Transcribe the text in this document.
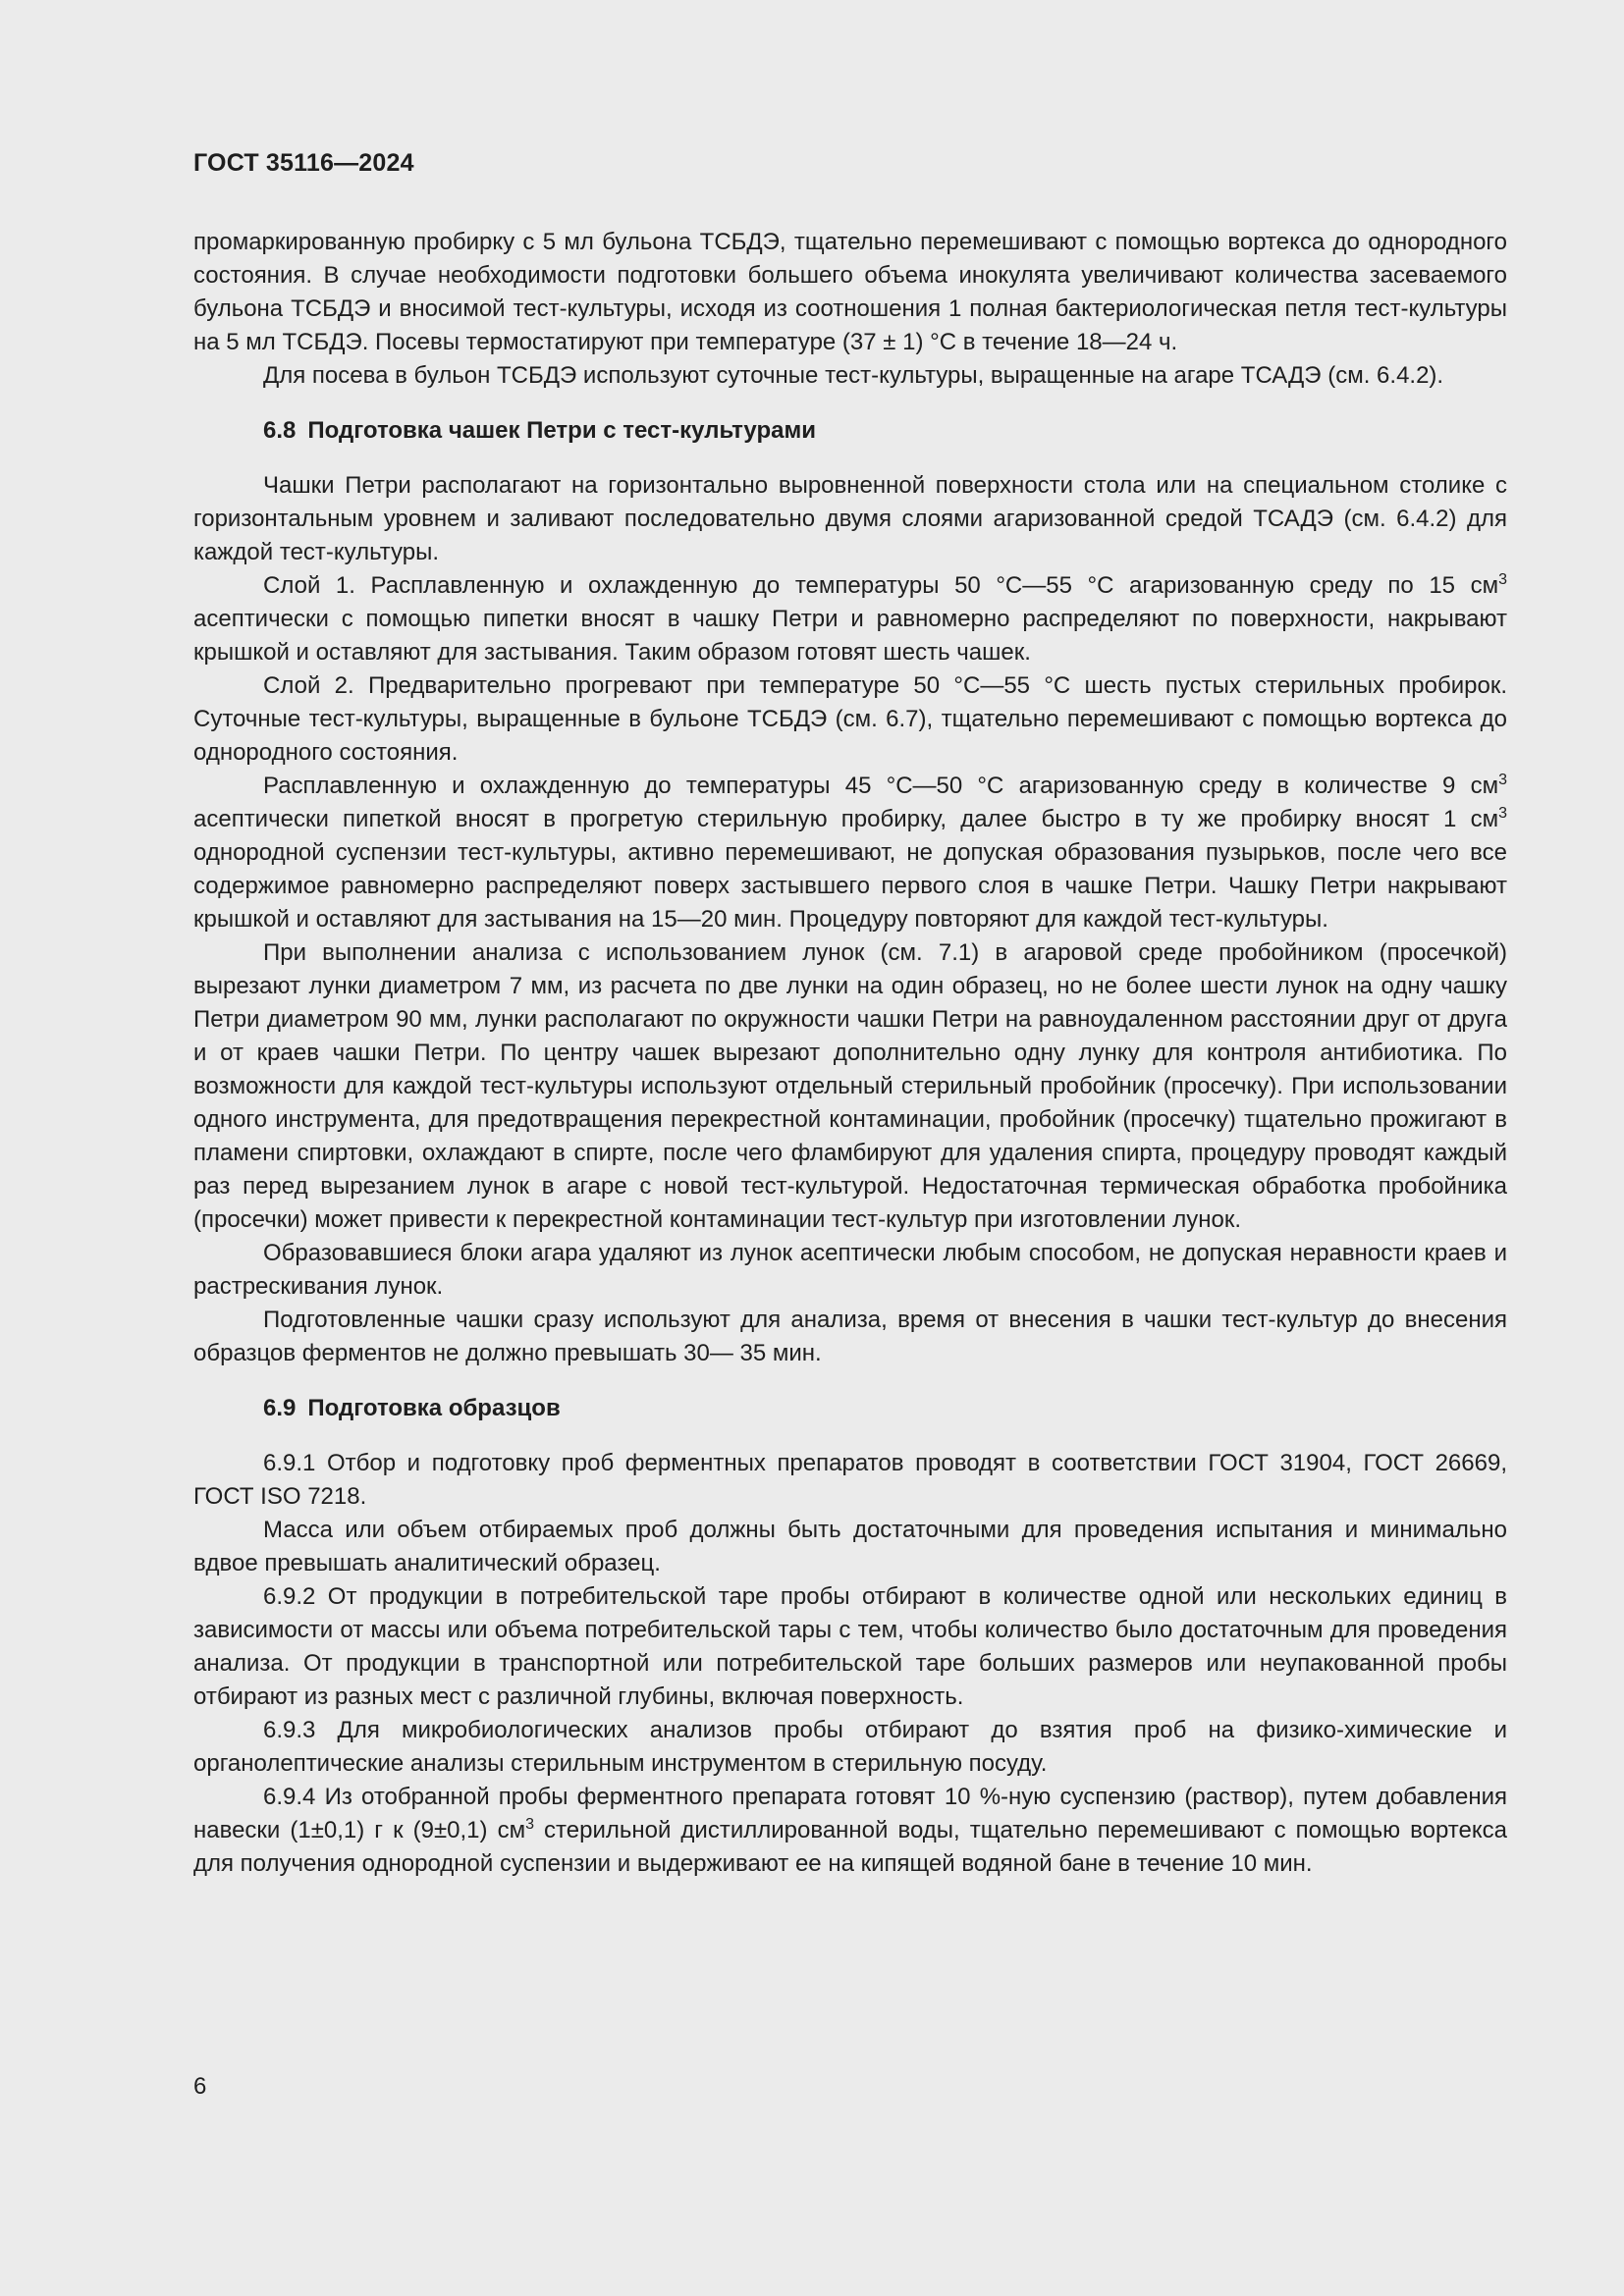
ГОСТ 35116—2024

промаркированную пробирку с 5 мл бульона ТСБДЭ, тщательно перемешивают с помощью вортекса до однородного состояния. В случае необходимости подготовки большего объема инокулята увеличивают количества засеваемого бульона ТСБДЭ и вносимой тест-культуры, исходя из соотношения 1 полная бактериологическая петля тест-культуры на 5 мл ТСБДЭ. Посевы термостатируют при температуре (37 ± 1) °С в течение 18—24 ч.

Для посева в бульон ТСБДЭ используют суточные тест-культуры, выращенные на агаре ТСАДЭ (см. 6.4.2).

6.8 Подготовка чашек Петри с тест-культурами

Чашки Петри располагают на горизонтально выровненной поверхности стола или на специальном столике с горизонтальным уровнем и заливают последовательно двумя слоями агаризованной средой ТСАДЭ (см. 6.4.2) для каждой тест-культуры.

Слой 1. Расплавленную и охлажденную до температуры 50 °С—55 °С агаризованную среду по 15 $см^3$ асептически с помощью пипетки вносят в чашку Петри и равномерно распределяют по поверхности, накрывают крышкой и оставляют для застывания. Таким образом готовят шесть чашек.

Слой 2. Предварительно прогревают при температуре 50 °С—55 °С шесть пустых стерильных пробирок. Суточные тест-культуры, выращенные в бульоне ТСБДЭ (см. 6.7), тщательно перемешивают с помощью вортекса до однородного состояния.

Расплавленную и охлажденную до температуры 45 °С—50 °С агаризованную среду в количестве 9 $см^3$ асептически пипеткой вносят в прогретую стерильную пробирку, далее быстро в ту же пробирку вносят 1 $см^3$ однородной суспензии тест-культуры, активно перемешивают, не допуская образования пузырьков, после чего все содержимое равномерно распределяют поверх застывшего первого слоя в чашке Петри. Чашку Петри накрывают крышкой и оставляют для застывания на 15—20 мин. Процедуру повторяют для каждой тест-культуры.

При выполнении анализа с использованием лунок (см. 7.1) в агаровой среде пробойником (просечкой) вырезают лунки диаметром 7 мм, из расчета по две лунки на один образец, но не более шести лунок на одну чашку Петри диаметром 90 мм, лунки располагают по окружности чашки Петри на равноудаленном расстоянии друг от друга и от краев чашки Петри. По центру чашек вырезают дополнительно одну лунку для контроля антибиотика. По возможности для каждой тест-культуры используют отдельный стерильный пробойник (просечку). При использовании одного инструмента, для предотвращения перекрестной контаминации, пробойник (просечку) тщательно прожигают в пламени спиртовки, охлаждают в спирте, после чего фламбируют для удаления спирта, процедуру проводят каждый раз перед вырезанием лунок в агаре с новой тест-культурой. Недостаточная термическая обработка пробойника (просечки) может привести к перекрестной контаминации тест-культур при изготовлении лунок.

Образовавшиеся блоки агара удаляют из лунок асептически любым способом, не допуская неравности краев и растрескивания лунок.

Подготовленные чашки сразу используют для анализа, время от внесения в чашки тест-культур до внесения образцов ферментов не должно превышать 30— 35 мин.

6.9 Подготовка образцов

6.9.1 Отбор и подготовку проб ферментных препаратов проводят в соответствии ГОСТ 31904, ГОСТ 26669, ГОСТ ISO 7218.

Масса или объем отбираемых проб должны быть достаточными для проведения испытания и минимально вдвое превышать аналитический образец.

6.9.2 От продукции в потребительской таре пробы отбирают в количестве одной или нескольких единиц в зависимости от массы или объема потребительской тары с тем, чтобы количество было достаточным для проведения анализа. От продукции в транспортной или потребительской таре больших размеров или неупакованной пробы отбирают из разных мест с различной глубины, включая поверхность.

6.9.3 Для микробиологических анализов пробы отбирают до взятия проб на физико-химические и органолептические анализы стерильным инструментом в стерильную посуду.

6.9.4 Из отобранной пробы ферментного препарата готовят 10 %-ную суспензию (раствор), путем добавления навески (1±0,1) г к (9±0,1) $см^3$ стерильной дистиллированной воды, тщательно перемешивают с помощью вортекса для получения однородной суспензии и выдерживают ее на кипящей водяной бане в течение 10 мин.

6
